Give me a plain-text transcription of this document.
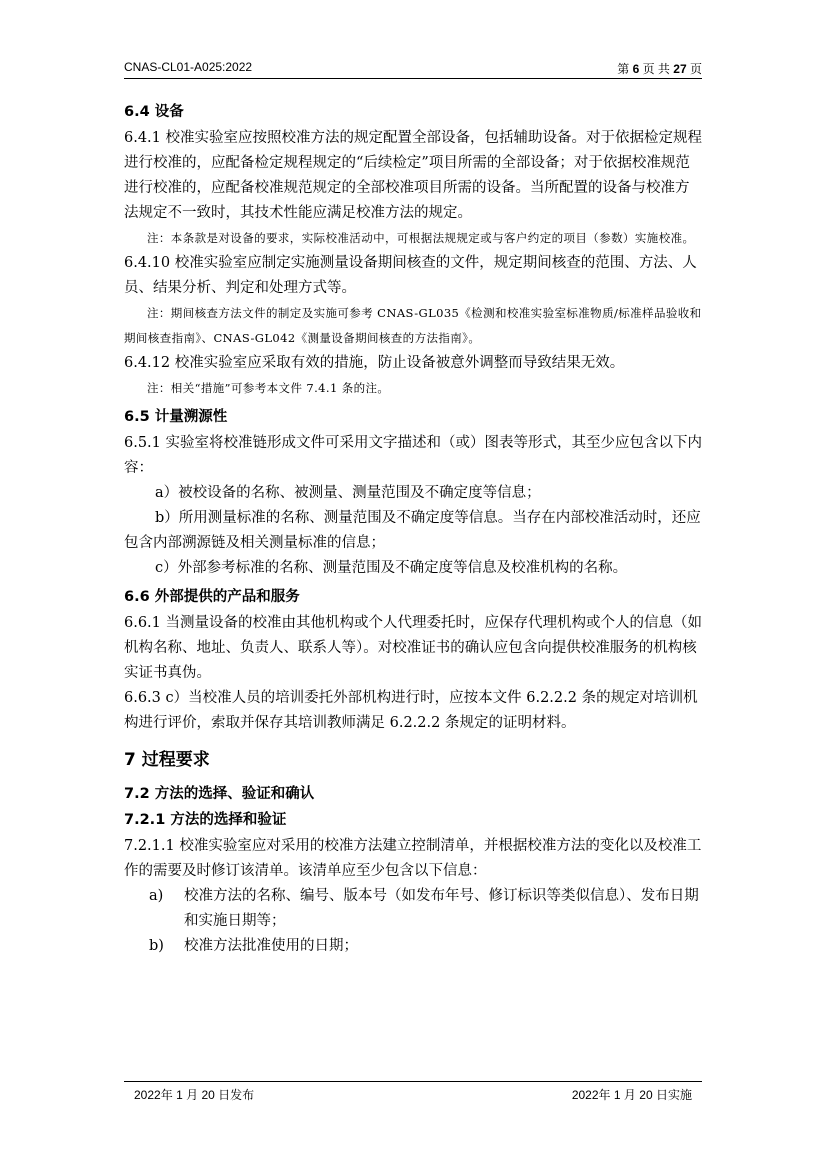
CNAS-CL01-A025:2022	第 6 页 共 27 页
6.4 设备

6.4.1 校准实验室应按照校准方法的规定配置全部设备，包括辅助设备。对于依据检定规程进行校准的，应配备检定规程规定的“后续检定”项目所需的全部设备；对于依据校准规范进行校准的，应配备校准规范规定的全部校准项目所需的设备。当所配置的设备与校准方法规定不一致时，其技术性能应满足校准方法的规定。

注：本条款是对设备的要求，实际校准活动中，可根据法规规定或与客户约定的项目（参数）实施校准。

6.4.10 校准实验室应制定实施测量设备期间核查的文件，规定期间核查的范围、方法、人员、结果分析、判定和处理方式等。

注：期间核查方法文件的制定及实施可参考 CNAS-GL035《检测和校准实验室标准物质/标准样品验收和期间核查指南》、CNAS-GL042《测量设备期间核查的方法指南》。

6.4.12 校准实验室应采取有效的措施，防止设备被意外调整而导致结果无效。

注：相关“措施”可参考本文件 7.4.1 条的注。

6.5 计量溯源性

6.5.1 实验室将校准链形成文件可采用文字描述和（或）图表等形式，其至少应包含以下内容：

a）被校设备的名称、被测量、测量范围及不确定度等信息；

b）所用测量标准的名称、测量范围及不确定度等信息。当存在内部校准活动时，还应包含内部溯源链及相关测量标准的信息；

c）外部参考标准的名称、测量范围及不确定度等信息及校准机构的名称。

6.6 外部提供的产品和服务

6.6.1 当测量设备的校准由其他机构或个人代理委托时，应保存代理机构或个人的信息（如机构名称、地址、负责人、联系人等）。对校准证书的确认应包含向提供校准服务的机构核实证书真伪。

6.6.3 c）当校准人员的培训委托外部机构进行时，应按本文件 6.2.2.2 条的规定对培训机构进行评价，索取并保存其培训教师满足 6.2.2.2 条规定的证明材料。

7 过程要求
7.2 方法的选择、验证和确认
7.2.1 方法的选择和验证

7.2.1.1 校准实验室应对采用的校准方法建立控制清单，并根据校准方法的变化以及校准工作的需要及时修订该清单。该清单应至少包含以下信息：

a)	校准方法的名称、编号、版本号（如发布年号、修订标识等类似信息）、发布日期和实施日期等；
b)	校准方法批准使用的日期；
2022年 1 月 20 日发布	2022年 1 月 20 日实施
